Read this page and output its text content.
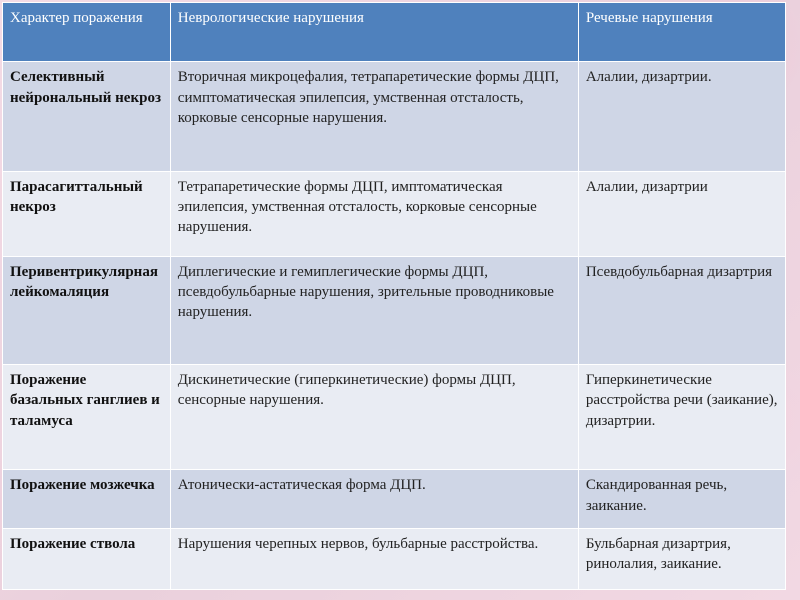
Характер поражения	Неврологические нарушения	Речевые нарушения
Селективный нейрональный некроз	Вторичная микроцефалия, тетрапаретические формы ДЦП, симптоматическая эпилепсия, умственная отсталость, корковые сенсорные нарушения.	Алалии, дизартрии.
Парасагиттальный некроз	Тетрапаретические формы ДЦП, имптоматическая эпилепсия, умственная отсталость, корковые сенсорные нарушения.	Алалии, дизартрии
Перивентрикулярная лейкомаляция	Диплегические и гемиплегические формы ДЦП, псевдобульбарные нарушения, зрительные проводниковые нарушения.	Псевдобульбарная дизартрия
Поражение базальных ганглиев и таламуса	Дискинетические (гиперкинетические) формы ДЦП, сенсорные нарушения.	Гиперкинетические расстройства речи (заикание), дизартрии.
Поражение мозжечка	Атонически-астатическая форма ДЦП.	Скандированная речь, заикание.
Поражение ствола	Нарушения черепных нервов, бульбарные расстройства.	Бульбарная дизартрия, ринолалия, заикание.
